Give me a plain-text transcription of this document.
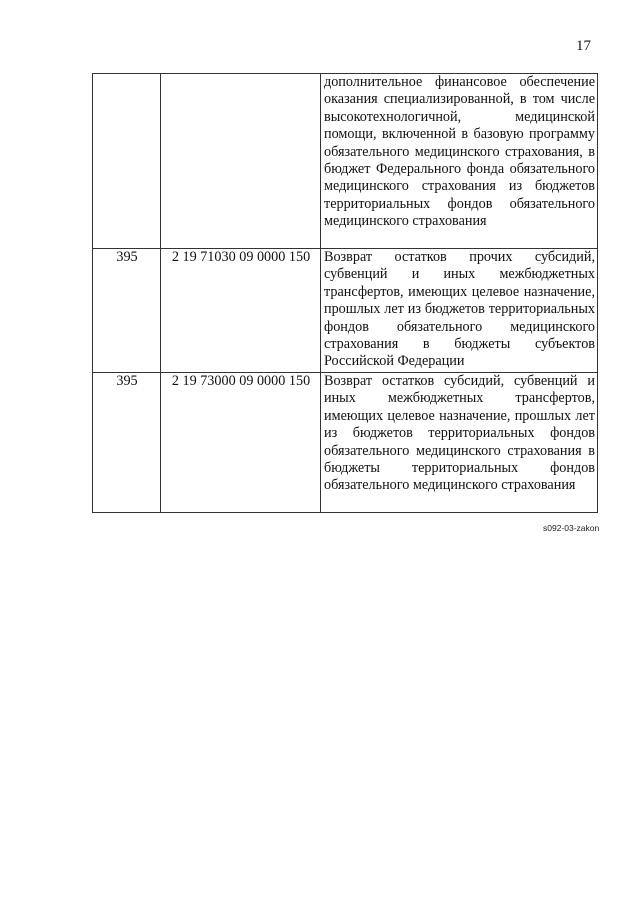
17
		дополнительное финансовое обеспечение оказания специализированной, в том числе высокотехнологичной, медицинской помощи, включенной в базовую программу обязательного медицинского страхования, в бюджет Федерального фонда обязательного медицинского страхования из бюджетов территориальных фондов обязательного медицинского страхования
395	2 19 71030 09 0000 150	Возврат остатков прочих субсидий, субвенций и иных межбюджетных трансфертов, имеющих целевое назначение, прошлых лет из бюджетов территориальных фондов обязательного медицинского страхования в бюджеты субъектов Российской Федерации
395	2 19 73000 09 0000 150	Возврат остатков субсидий, субвенций и иных межбюджетных трансфертов, имеющих целевое назначение, прошлых лет из бюджетов территориальных фондов обязательного медицинского страхования в бюджеты территориальных фондов обязательного медицинского страхования
s092-03-zakon
